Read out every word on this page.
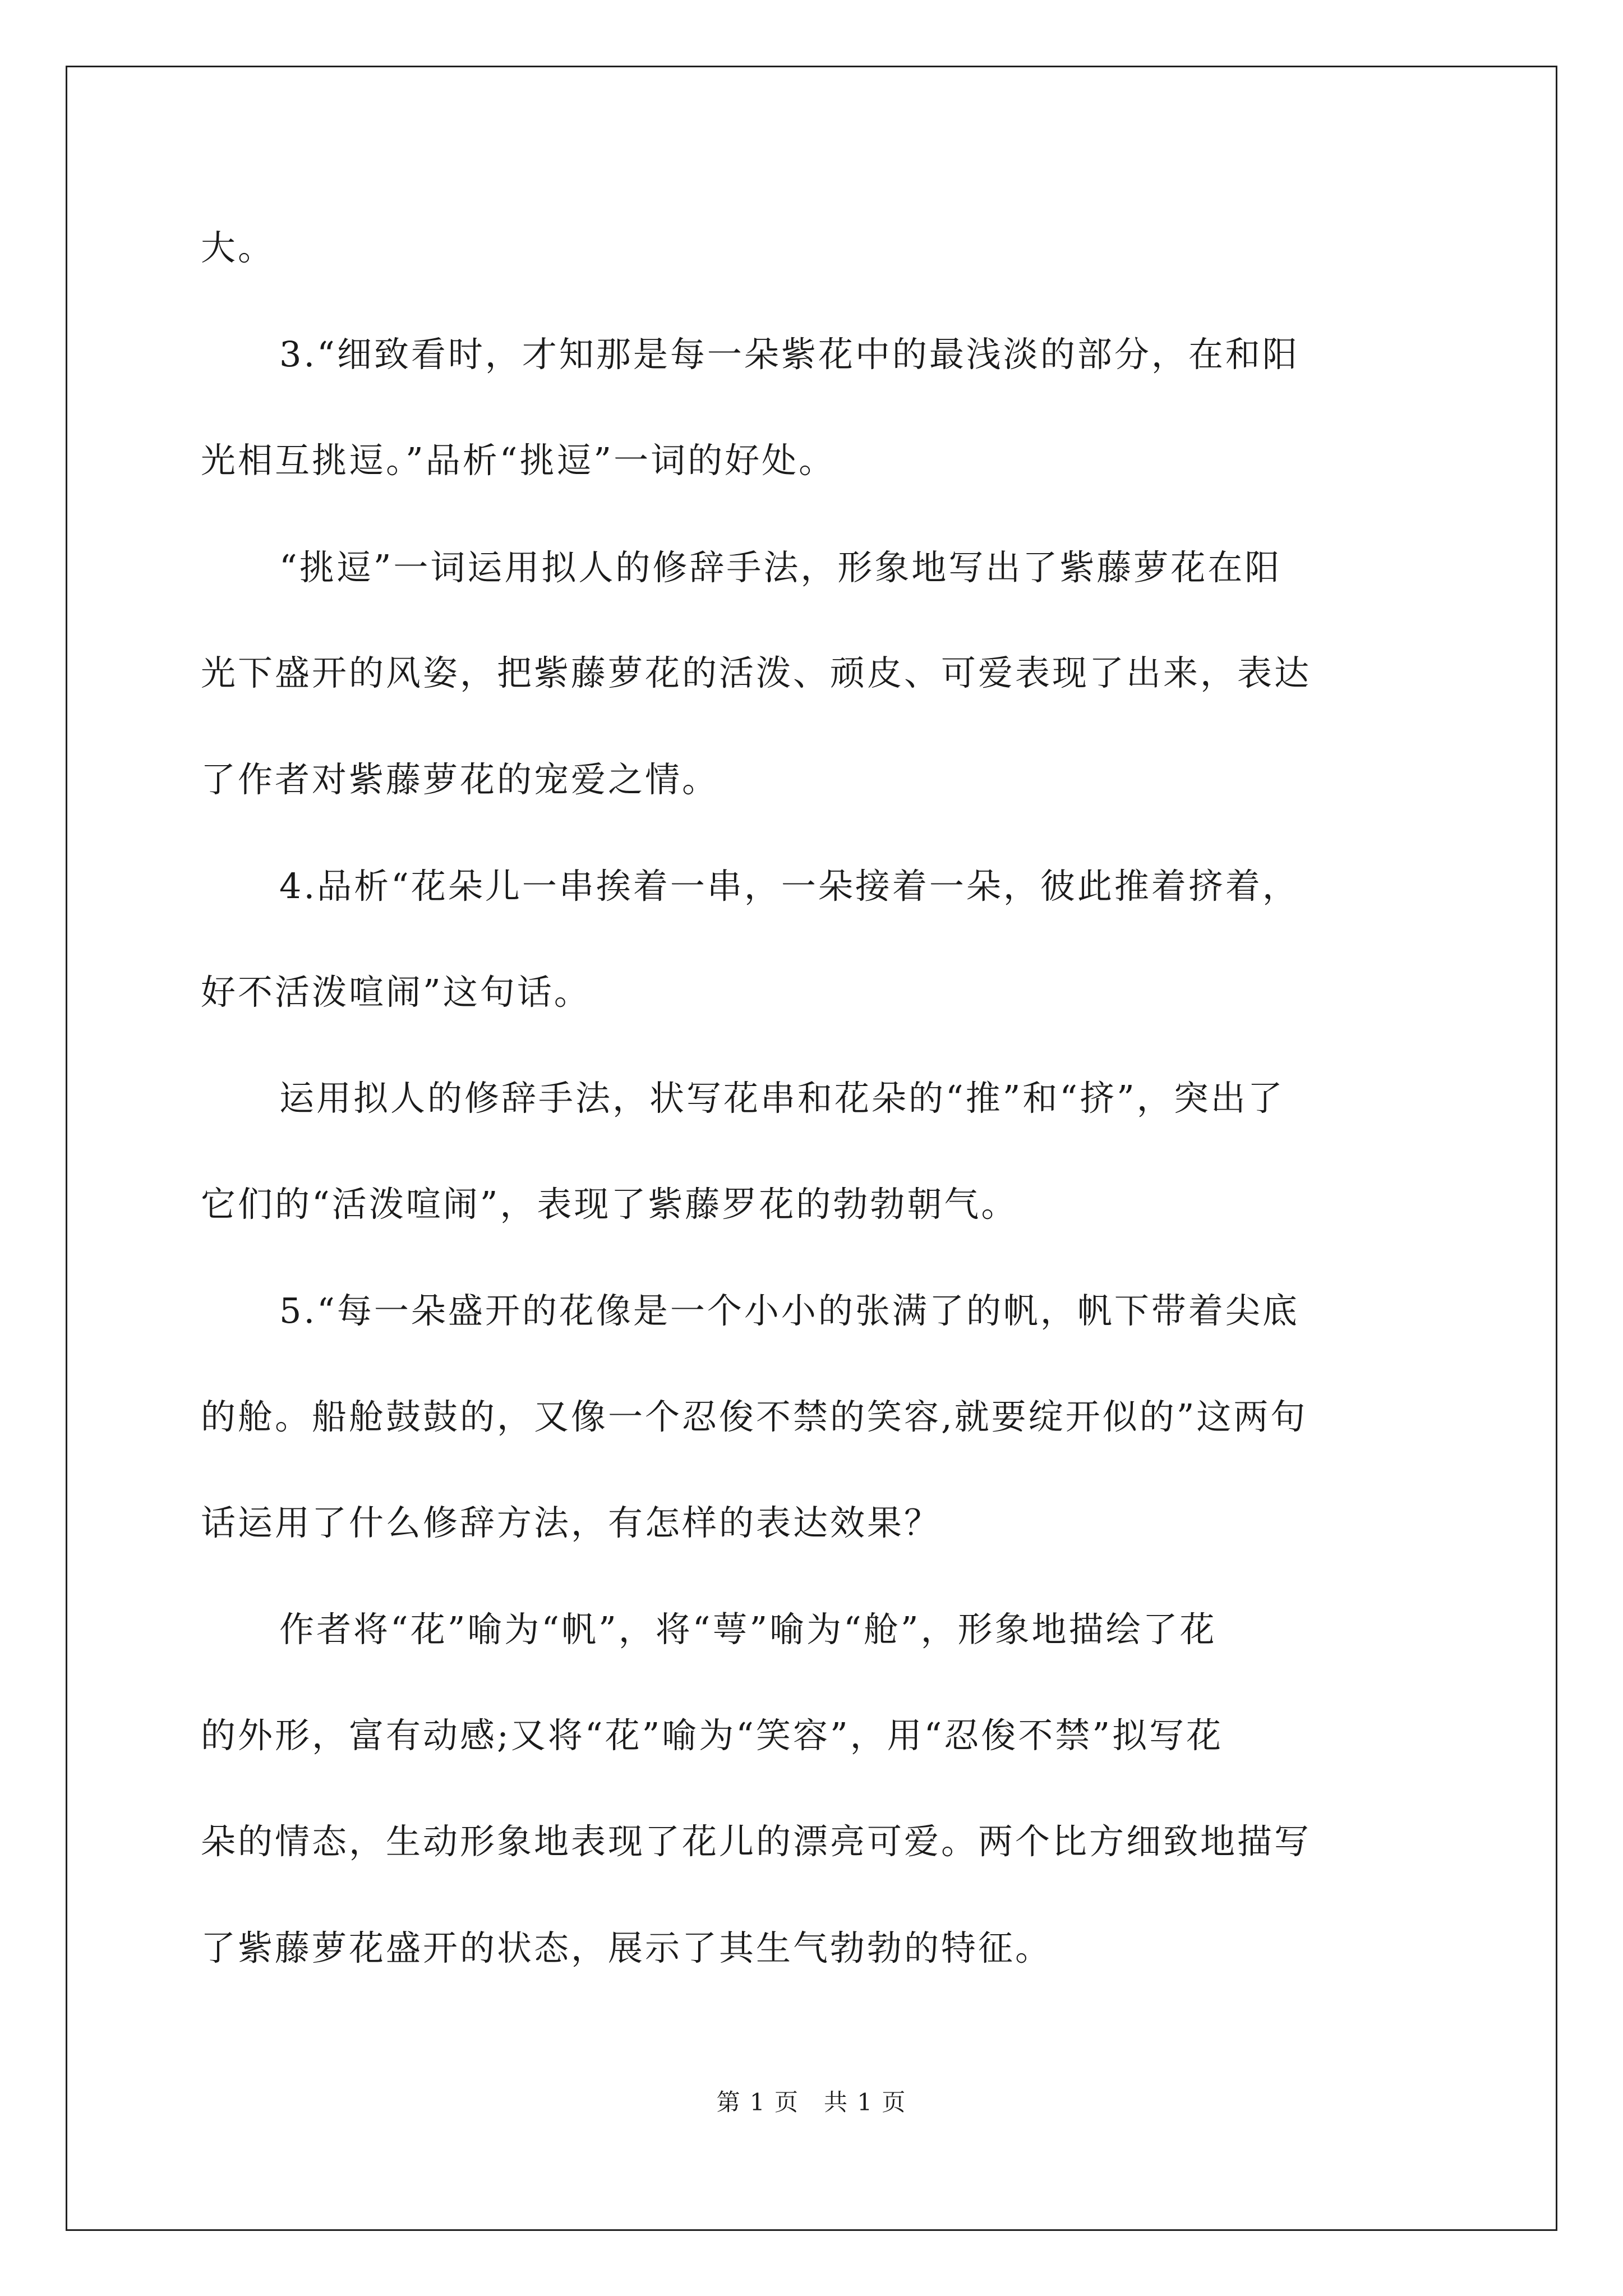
大。
3.“细致看时，才知那是每一朵紫花中的最浅淡的部分，在和阳
光相互挑逗。”品析“挑逗”一词的好处。
“挑逗”一词运用拟人的修辞手法，形象地写出了紫藤萝花在阳
光下盛开的风姿，把紫藤萝花的活泼、顽皮、可爱表现了出来，表达
了作者对紫藤萝花的宠爱之情。
4.品析“花朵儿一串挨着一串，一朵接着一朵，彼此推着挤着，
好不活泼喧闹”这句话。
运用拟人的修辞手法，状写花串和花朵的“推”和“挤”，突出了
它们的“活泼喧闹”，表现了紫藤罗花的勃勃朝气。
5.“每一朵盛开的花像是一个小小的张满了的帆，帆下带着尖底
的舱。船舱鼓鼓的，又像一个忍俊不禁的笑容,就要绽开似的”这两句
话运用了什么修辞方法，有怎样的表达效果？
作者将“花”喻为“帆”，将“萼”喻为“舱”，形象地描绘了花
的外形，富有动感;又将“花”喻为“笑容”，用“忍俊不禁”拟写花
朵的情态，生动形象地表现了花儿的漂亮可爱。两个比方细致地描写
了紫藤萝花盛开的状态，展示了其生气勃勃的特征。
第 1 页　共 1 页
